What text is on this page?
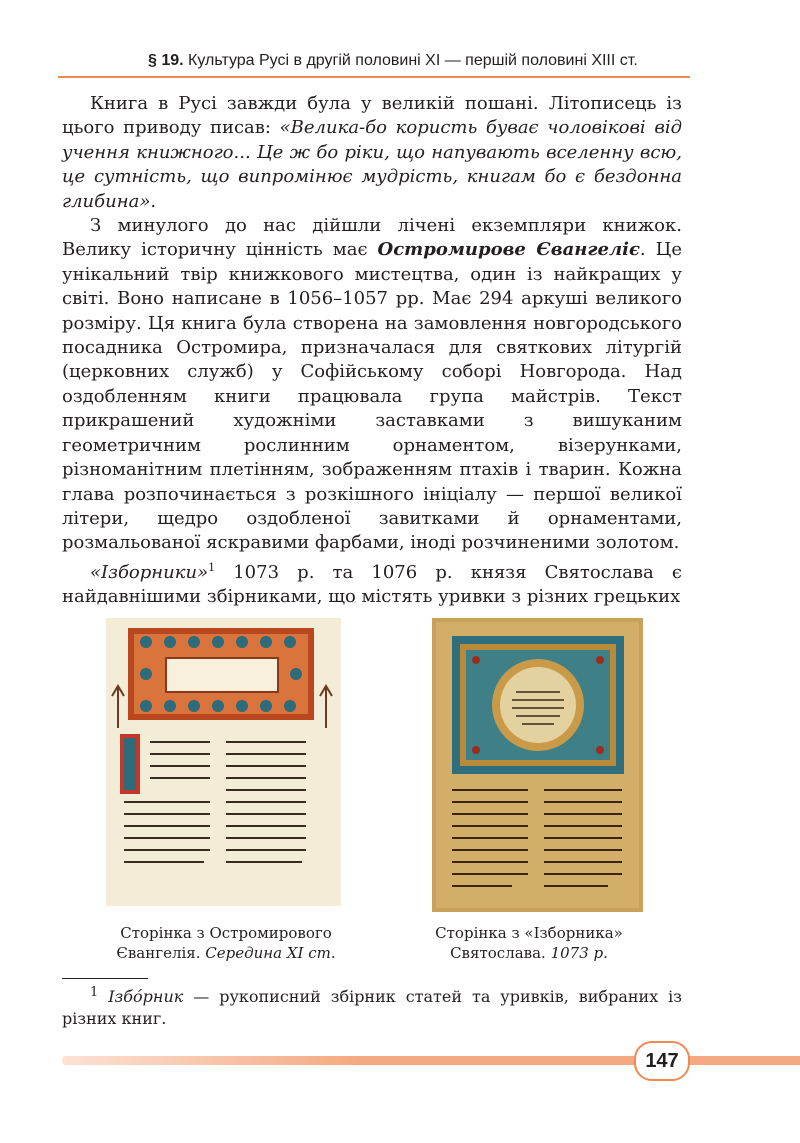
§ 19. Культура Русі в другій половині XI — першій половині XIII ст.

Книга в Русі завжди була у великій пошані. Літописець із цього приводу писав: «Велика-бо користь буває чоловікові від учення книжного... Це ж бо ріки, що напувають вселенну всю, це сутність, що випромінює мудрість, книгам бо є бездонна глибина».

З минулого до нас дійшли лічені екземпляри книжок. Велику історичну цінність має Остромирове Євангеліє. Це унікальний твір книжкового мистецтва, один із найкращих у світі. Воно написане в 1056–1057 рр. Має 294 аркуші великого розміру. Ця книга була створена на замовлення новгородського посадника Остромира, призначалася для святкових літургій (церковних служб) у Софійському соборі Новгорода. Над оздобленням книги працювала група майстрів. Текст прикрашений художніми заставками з вишуканим геометричним рослинним орнаментом, візерунками, різноманітним плетінням, зображенням птахів і тварин. Кожна глава розпочинається з розкішного ініціалу — першої великої літери, щедро оздобленої завитками й орнаментами, розмальованої яскравими фарбами, іноді розчиненими золотом.

«Ізборники»$^1$ 1073 р. та 1076 р. князя Святослава є найдавнішими збірниками, що містять уривки з різних грецьких

Сторінка з Остромирового
Євангелія. Середина XI ст.
Сторінка з «Ізборника»
Святослава. 1073 р.
$^1$ Ізбо́рник — рукописний збірник статей та уривків, вибраних із різних книг.
147
